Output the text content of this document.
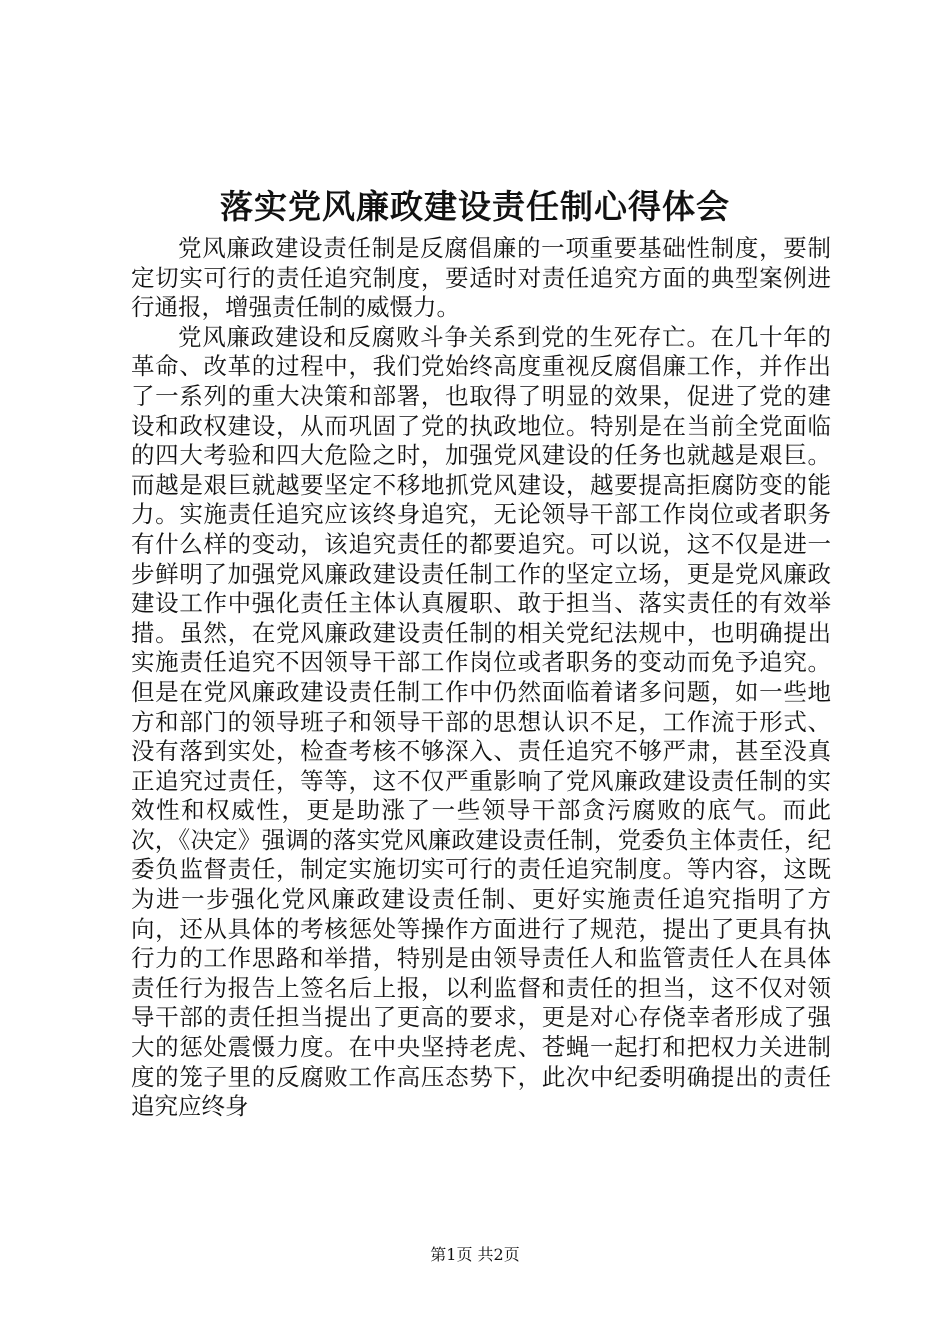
落实党风廉政建设责任制心得体会

党风廉政建设责任制是反腐倡廉的一项重要基础性制度，要制定切实可行的责任追究制度，要适时对责任追究方面的典型案例进行通报，增强责任制的威慑力。

党风廉政建设和反腐败斗争关系到党的生死存亡。在几十年的革命、改革的过程中，我们党始终高度重视反腐倡廉工作，并作出了一系列的重大决策和部署，也取得了明显的效果，促进了党的建设和政权建设，从而巩固了党的执政地位。特别是在当前全党面临的四大考验和四大危险之时，加强党风建设的任务也就越是艰巨。而越是艰巨就越要坚定不移地抓党风建设，越要提高拒腐防变的能力。实施责任追究应该终身追究，无论领导干部工作岗位或者职务有什么样的变动，该追究责任的都要追究。可以说，这不仅是进一步鲜明了加强党风廉政建设责任制工作的坚定立场，更是党风廉政建设工作中强化责任主体认真履职、敢于担当、落实责任的有效举措。虽然，在党风廉政建设责任制的相关党纪法规中，也明确提出实施责任追究不因领导干部工作岗位或者职务的变动而免予追究。但是在党风廉政建设责任制工作中仍然面临着诸多问题，如一些地方和部门的领导班子和领导干部的思想认识不足，工作流于形式、没有落到实处，检查考核不够深入、责任追究不够严肃，甚至没真正追究过责任，等等，这不仅严重影响了党风廉政建设责任制的实效性和权威性，更是助涨了一些领导干部贪污腐败的底气。而此次，《决定》强调的落实党风廉政建设责任制，党委负主体责任，纪委负监督责任，制定实施切实可行的责任追究制度。等内容，这既为进一步强化党风廉政建设责任制、更好实施责任追究指明了方向，还从具体的考核惩处等操作方面进行了规范，提出了更具有执行力的工作思路和举措，特别是由领导责任人和监管责任人在具体责任行为报告上签名后上报，以利监督和责任的担当，这不仅对领导干部的责任担当提出了更高的要求，更是对心存侥幸者形成了强大的惩处震慑力度。在中央坚持老虎、苍蝇一起打和把权力关进制度的笼子里的反腐败工作高压态势下，此次中纪委明确提出的责任追究应终身

第1页 共2页
